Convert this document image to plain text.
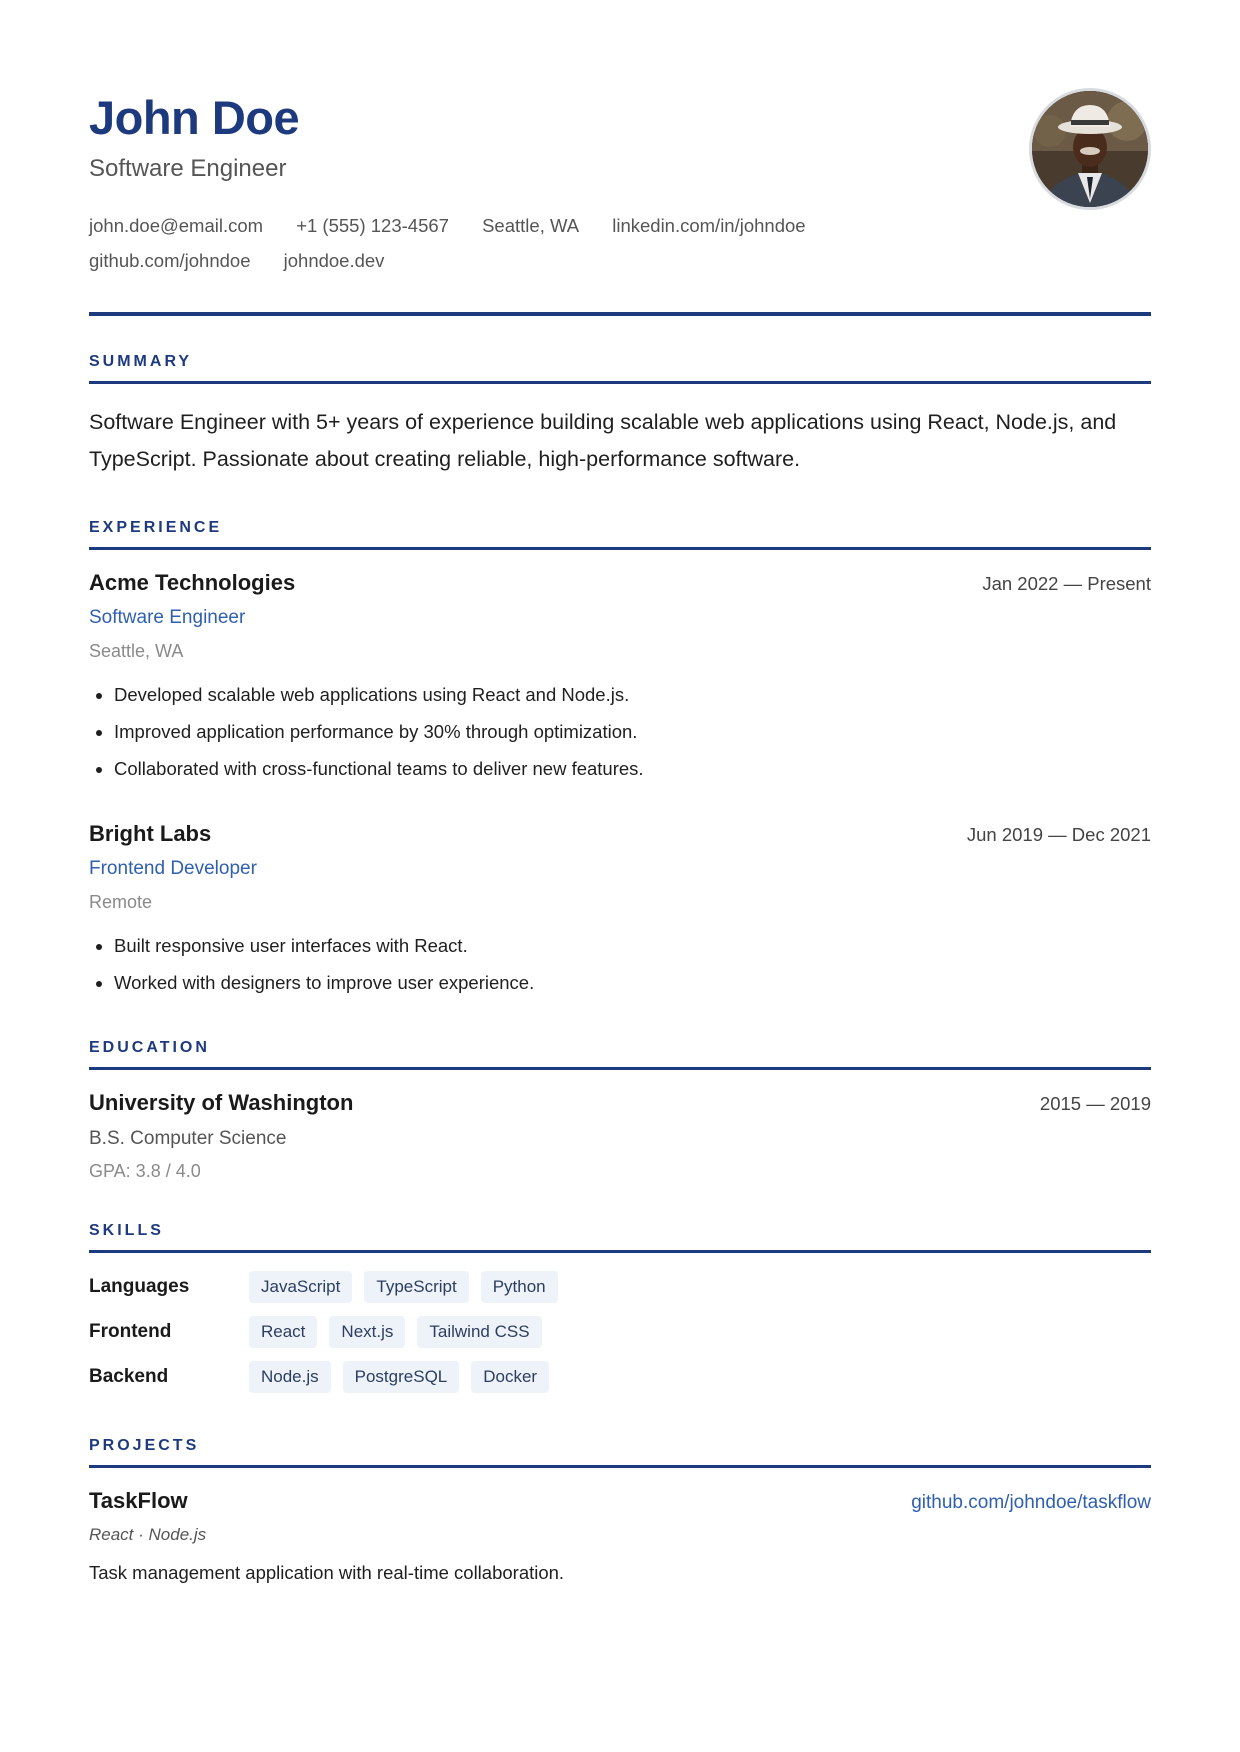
John Doe
Software Engineer
john.doe@email.com +1 (555) 123-4567 Seattle, WA linkedin.com/in/johndoe
github.com/johndoe johndoe.dev
SUMMARY
Software Engineer with 5+ years of experience building scalable web applications using React, Node.js, and TypeScript. Passionate about creating reliable, high-performance software.
EXPERIENCE
Acme Technologies	Jan 2022 — Present
Software Engineer
Seattle, WA
• Developed scalable web applications using React and Node.js.
• Improved application performance by 30% through optimization.
• Collaborated with cross-functional teams to deliver new features.
Bright Labs	Jun 2019 — Dec 2021
Frontend Developer
Remote
• Built responsive user interfaces with React.
• Worked with designers to improve user experience.
EDUCATION
University of Washington	2015 — 2019
B.S. Computer Science
GPA: 3.8 / 4.0
SKILLS
Languages	JavaScript	TypeScript	Python
Frontend	React	Next.js	Tailwind CSS
Backend	Node.js	PostgreSQL	Docker
PROJECTS
TaskFlow	github.com/johndoe/taskflow
React · Node.js
Task management application with real-time collaboration.
